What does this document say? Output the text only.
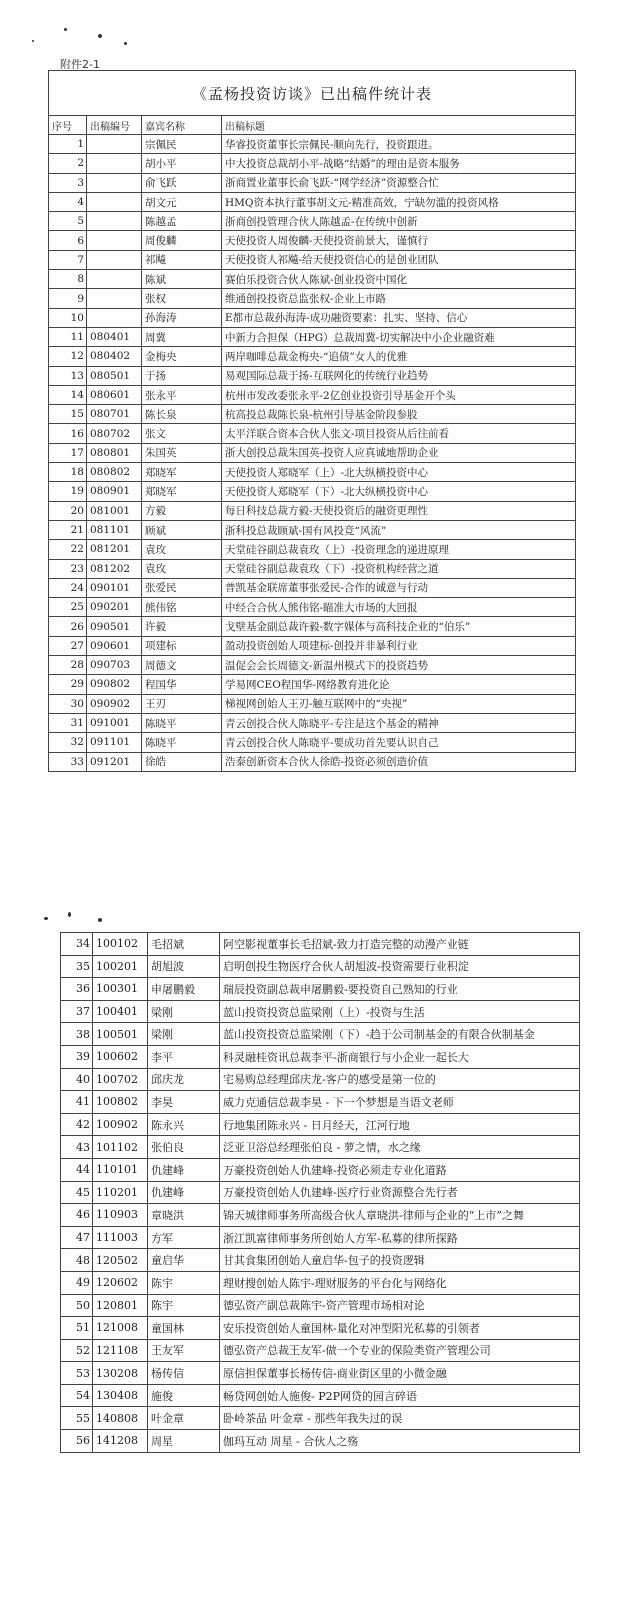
附件2-1
《孟杨投资访谈》已出稿件统计表			
序号	出稿编号	嘉宾名称	出稿标题
1		宗佩民	华睿投资董事长宗佩民-顺向先行，投资跟进。
2		胡小平	中大投资总裁胡小平-战略“结婚”的理由是资本服务
3		俞飞跃	浙商置业董事长俞飞跃-“网学经济”资源整合忙
4		胡文元	HMQ资本执行董事胡文元-精准高效，宁缺勿滥的投资风格
5		陈越孟	浙商创投管理合伙人陈越孟-在传统中创新
6		周俊麟	天使投资人周俊麟-天使投资前景大，谨慎行
7		祁飚	天使投资人祁飚-给天使投资信心的是创业团队
8		陈斌	赛伯乐投资合伙人陈斌-创业投资中国化
9		张权	维通创投投资总监张权-企业上市路
10		孙海涛	E都市总裁孙海涛-成功融资要素：扎实、坚持、信心
11	080401	周冀	中新力合担保（HPG）总裁周冀-切实解决中小企业融资难
12	080402	金梅央	两岸咖啡总裁金梅央-“追债”女人的优雅
13	080501	于扬	易观国际总裁于扬-互联网化的传统行业趋势
14	080601	张永平	杭州市发改委张永平-2亿创业投资引导基金开个头
15	080701	陈长泉	杭高投总裁陈长泉-杭州引导基金阶段参股
16	080702	张文	太平洋联合资本合伙人张文-项目投资从后往前看
17	080801	朱国英	浙大创投总裁朱国英-投资人应真诚地帮助企业
18	080802	郑晓军	天使投资人郑晓军（上）-北大纵横投资中心
19	080901	郑晓军	天使投资人郑晓军（下）-北大纵横投资中心
20	081001	方毅	每日科技总裁方毅-天使投资后的融资更理性
21	081101	顾斌	浙科投总裁顾斌-国有风投竞“风流”
22	081201	袁玫	天堂硅谷副总裁袁玫（上）-投资理念的递进原理
23	081202	袁玫	天堂硅谷副总裁袁玫（下）-投资机构经营之道
24	090101	张爱民	普凯基金联席董事张爱民-合作的诚意与行动
25	090201	熊伟铭	中经合合伙人熊伟铭-瞄准大市场的大回报
26	090501	许毅	戈壁基金副总裁许毅-数字媒体与高科技企业的“伯乐”
27	090601	项建标	盈动投资创始人项建标-创投并非暴利行业
28	090703	周德文	温促会会长周德文-新温州模式下的投资趋势
29	090802	程国华	学易网CEO程国华-网络教育进化论
30	090902	王刃	梯视网创始人王刃-触互联网中的“央视”
31	091001	陈晓平	青云创投合伙人陈晓平-专注是这个基金的精神
32	091101	陈晓平	青云创投合伙人陈晓平-要成功首先要认识自己
33	091201	徐皓	浩泰创新资本合伙人徐皓-投资必须创造价值
34	100102	毛招斌	阿空影视董事长毛招斌-致力打造完整的动漫产业链
35	100201	胡旭波	启明创投生物医疗合伙人胡旭波-投资需要行业积淀
36	100301	申屠鹏毅	瑞辰投资副总裁申屠鹏毅-要投资自己熟知的行业
37	100401	梁刚	蓝山投资投资总监梁刚（上）-投资与生活
38	100501	梁刚	蓝山投资投资总监梁刚（下）-趋于公司制基金的有限合伙制基金
39	100602	李平	科灵融桂资讯总裁李平-浙商银行与小企业一起长大
40	100702	邱庆龙	宅易购总经理邱庆龙-客户的感受是第一位的
41	100802	李昊	威力克通信总裁李昊 - 下一个梦想是当语文老师
42	100902	陈永兴	行地集团陈永兴 - 日月经天，江河行地
43	101102	张伯良	泛亚卫浴总经理张伯良 - 萝之情，水之缘
44	110101	仇建峰	万豪投资创始人仇建峰-投资必须走专业化道路
45	110201	仇建峰	万豪投资创始人仇建峰-医疗行业资源整合先行者
46	110903	章晓洪	锦天城律师事务所高级合伙人章晓洪-律师与企业的“上市”之舞
47	111003	方军	浙江凯富律师事务所创始人方军-私募的律所探路
48	120502	童启华	甘其食集团创始人童启华-包子的投资逻辑
49	120602	陈宇	理财搜创始人陈宇-理财服务的平台化与网络化
50	120801	陈宇	德弘资产副总裁陈宇-资产管理市场相对论
51	121008	童国林	安乐投资创始人童国林-量化对冲型阳光私募的引领者
52	121108	王友军	德弘资产总裁王友军-做一个专业的保险类资产管理公司
53	130208	杨传信	原信担保董事长杨传信-商业街区里的小微金融
54	130408	施俊	畅贷网创始人施俊- P2P网贷的园言碎语
55	140808	叶金章	卧岭茶品 叶金章 - 那些年我失过的误
56	141208	周星	伽玛互动 周星 - 合伙人之殇
